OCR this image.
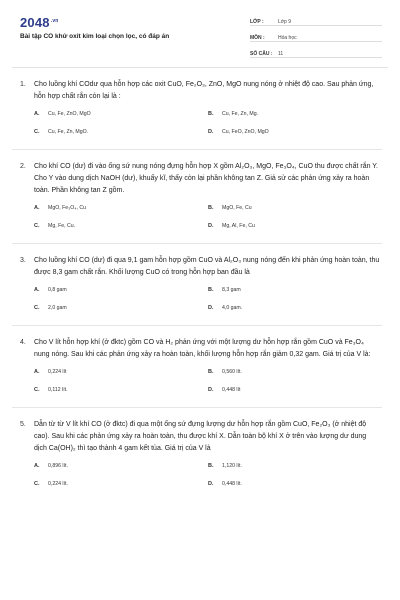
$2048^{.vn}$
Bài tập CO khử oxit kim loại chọn lọc, có đáp án
LỚP :	Lớp 9
MÔN :	Hóa học
SỐ CÂU :	11
1.	Cho luồng khí COdư qua hỗn hợp các oxit CuO, Fe₂O₃, ZnO, MgO nung nóng ở nhiệt độ cao. Sau phản ứng, hỗn hợp chất rắn còn lại là :
A.	Cu, Fe, ZnO, MgO	B.	Cu, Fe, Zn, Mg.
C.	Cu, Fe, Zn, MgO.	D.	Cu, FeO, ZnO, MgO
2.	Cho khí CO (dư) đi vào ống sứ nung nóng đựng hỗn hợp X gồm Al₂O₃, MgO, Fe₃O₄, CuO thu được chất rắn Y. Cho Y vào dung dịch NaOH (dư), khuấy kĩ, thấy còn lại phần không tan Z. Giả sử các phản ứng xảy ra hoàn toàn. Phần không tan Z gồm.
A.	MgO, Fe₃O₄, Cu	B.	MgO, Fe, Cu
C.	Mg, Fe, Cu.	D.	Mg, Al, Fe, Cu
3.	Cho luồng khí CO (dư) đi qua 9,1 gam hỗn hợp gồm CuO và Al₂O₃ nung nóng đến khi phản ứng hoàn toàn, thu được 8,3 gam chất rắn. Khối lượng CuO có trong hỗn hợp ban đầu là
A.	0,8 gam	B.	8,3 gam
C.	2,0 gam	D.	4,0 gam.
4.	Cho V lít hỗn hợp khí (ở đktc) gồm CO và H₂ phản ứng với một lượng dư hỗn hợp rắn gồm CuO và Fe₃O₄ nung nóng. Sau khi các phản ứng xảy ra hoàn toàn, khối lượng hỗn hợp rắn giảm 0,32 gam. Giá trị của V là:
A.	0,224 lít	B.	0,560 lít.
C.	0,112 lít.	D.	0,448 lít
5.	Dẫn từ từ V lít khí CO (ở đktc) đi qua một ống sứ đựng lượng dư hỗn hợp rắn gồm CuO, Fe₂O₃ (ở nhiệt độ cao). Sau khi các phản ứng xảy ra hoàn toàn, thu được khí X. Dẫn toàn bộ khí X ở trên vào lượng dư dung dịch Ca(OH)₂ thì tạo thành 4 gam kết tủa. Giá trị của V là
A.	0,896 lít.	B.	1,120 lít.
C.	0,224 lít.	D.	0,448 lít.
